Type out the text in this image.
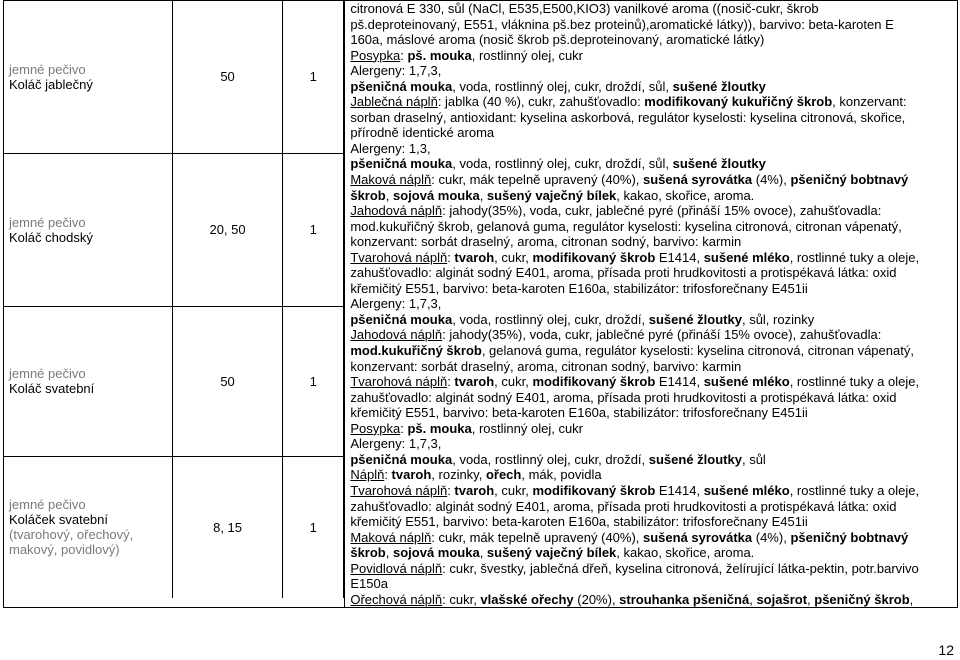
jemné pečivo
Koláč jablečný	50	1

jemné pečivo
Koláč chodský	20, 50	1

jemné pečivo
Koláč svatební	50	1

jemné pečivo
Koláček svatební
(tvarohový, ořechový, makový, povidlový)
	8, 15	1

citronová E 330, sůl (NaCl, E535,E500,KIO3) vanilkové aroma ((nosič-cukr, škrob
pš.deproteinovaný, E551, vláknina pš.bez proteinů),aromatické látky)), barvivo: beta-karoten E
160a, máslové aroma (nosič škrob pš.deproteinovaný, aromatické látky)
Posypka: pš. mouka, rostlinný olej, cukr
Alergeny: 1,7,3,
pšeničná mouka, voda, rostlinný olej, cukr, droždí, sůl, sušené žloutky
Jablečná náplň: jablka (40 %), cukr, zahušťovadlo: modifikovaný kukuřičný škrob, konzervant:
sorban draselný, antioxidant: kyselina askorbová, regulátor kyselosti: kyselina citronová, skořice,
přírodně identické aroma
Alergeny: 1,3,
pšeničná mouka, voda, rostlinný olej, cukr, droždí, sůl, sušené žloutky
Maková náplň: cukr, mák tepelně upravený (40%), sušená syrovátka (4%), pšeničný bobtnavý
škrob, sojová mouka, sušený vaječný bílek, kakao, skořice, aroma.
Jahodová náplň: jahody(35%), voda, cukr, jablečné pyré (přináší 15% ovoce), zahušťovadla:
mod.kukuřičný škrob, gelanová guma, regulátor kyselosti: kyselina citronová, citronan vápenatý,
konzervant: sorbát draselný, aroma, citronan sodný, barvivo: karmin
Tvarohová náplň: tvaroh, cukr, modifikovaný škrob E1414, sušené mléko, rostlinné tuky a oleje,
zahušťovadlo: alginát sodný E401, aroma, přísada proti hrudkovitosti a protispékavá látka: oxid
křemičitý E551, barvivo: beta-karoten E160a, stabilizátor: trifosforečnany E451ii
Alergeny: 1,7,3,
pšeničná mouka, voda, rostlinný olej, cukr, droždí, sušené žloutky, sůl, rozinky
Jahodová náplň: jahody(35%), voda, cukr, jablečné pyré (přináší 15% ovoce), zahušťovadla:
mod.kukuřičný škrob, gelanová guma, regulátor kyselosti: kyselina citronová, citronan vápenatý,
konzervant: sorbát draselný, aroma, citronan sodný, barvivo: karmin
Tvarohová náplň: tvaroh, cukr, modifikovaný škrob E1414, sušené mléko, rostlinné tuky a oleje,
zahušťovadlo: alginát sodný E401, aroma, přísada proti hrudkovitosti a protispékavá látka: oxid
křemičitý E551, barvivo: beta-karoten E160a, stabilizátor: trifosforečnany E451ii
Posypka: pš. mouka, rostlinný olej, cukr
Alergeny: 1,7,3,
pšeničná mouka, voda, rostlinný olej, cukr, droždí, sušené žloutky, sůl
Náplň: tvaroh, rozinky, ořech, mák, povidla
Tvarohová náplň: tvaroh, cukr, modifikovaný škrob E1414, sušené mléko, rostlinné tuky a oleje,
zahušťovadlo: alginát sodný E401, aroma, přísada proti hrudkovitosti a protispékavá látka: oxid
křemičitý E551, barvivo: beta-karoten E160a, stabilizátor: trifosforečnany E451ii
Maková náplň: cukr, mák tepelně upravený (40%), sušená syrovátka (4%), pšeničný bobtnavý
škrob, sojová mouka, sušený vaječný bílek, kakao, skořice, aroma.
Povidlová náplň: cukr, švestky, jablečná dřeň, kyselina citronová, želírující látka-pektin, potr.barvivo
E150a
Ořechová náplň: cukr, vlašské ořechy (20%), strouhanka pšeničná, sojašrot, pšeničný škrob,
12
